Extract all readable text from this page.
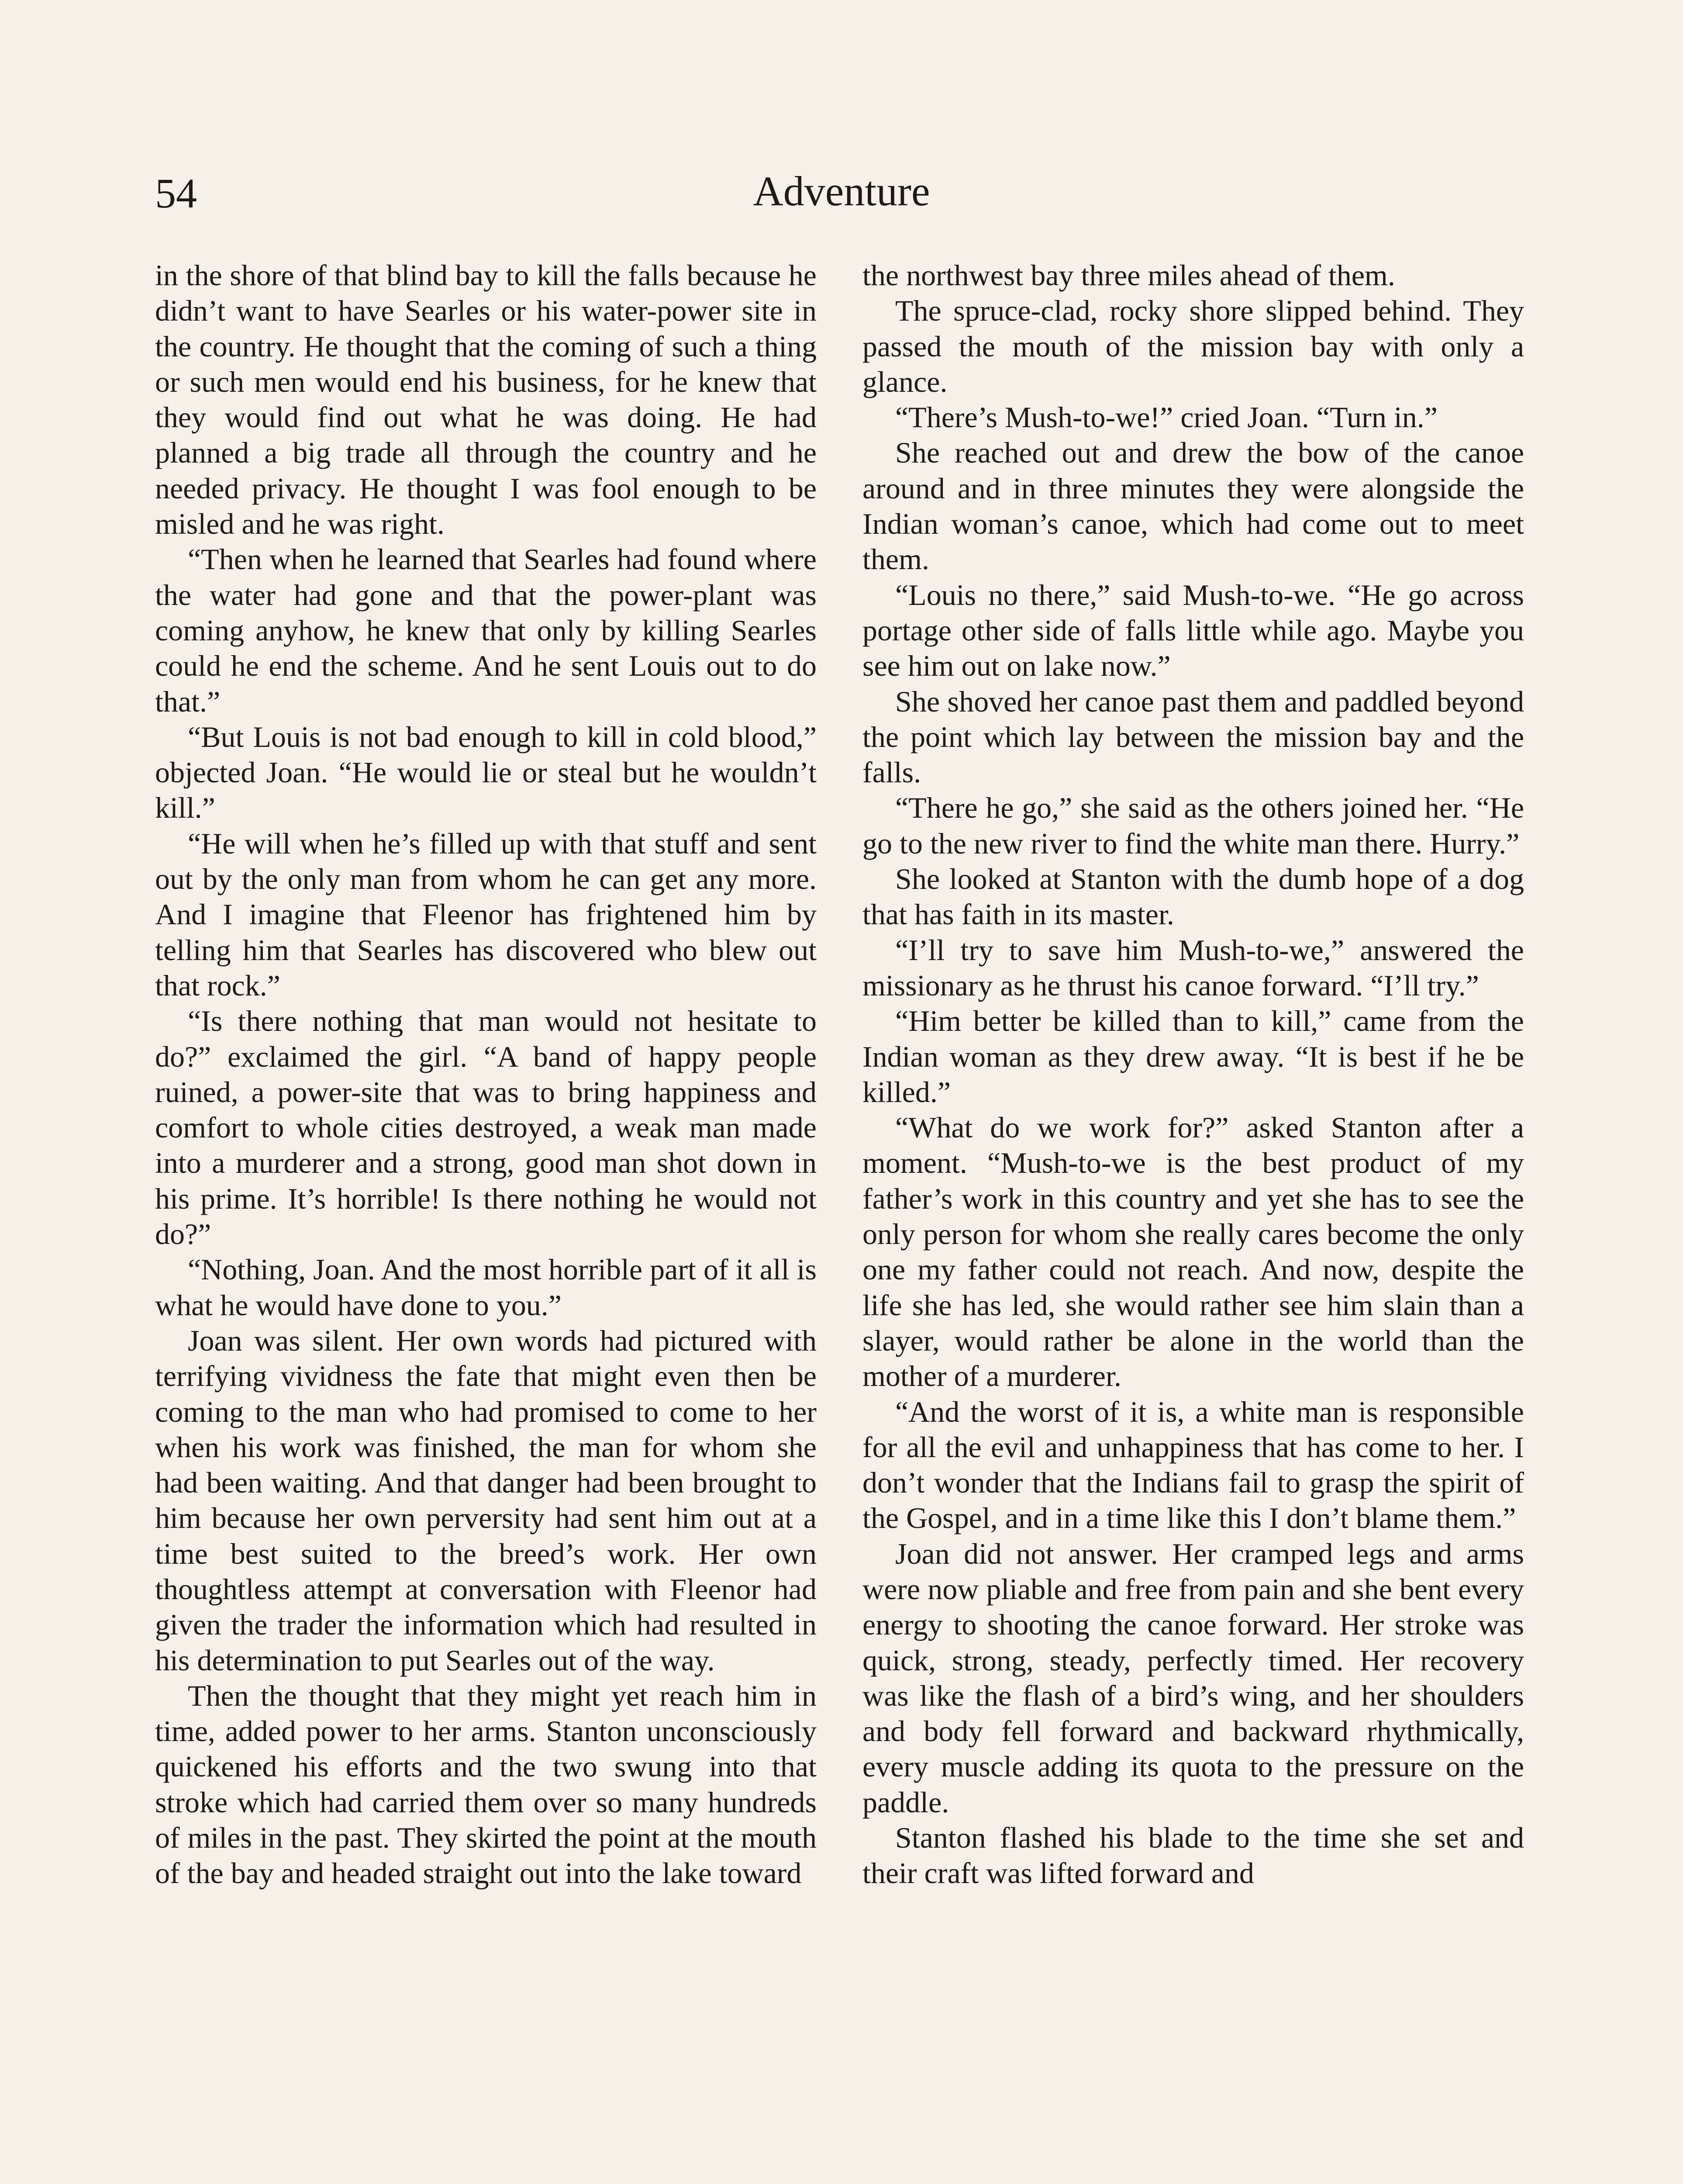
54	Adventure

in the shore of that blind bay to kill the falls because he didn’t want to have Searles or his water-power site in the country. He thought that the coming of such a thing or such men would end his business, for he knew that they would find out what he was doing. He had planned a big trade all through the country and he needed privacy. He thought I was fool enough to be misled and he was right.

“Then when he learned that Searles had found where the water had gone and that the power-plant was coming anyhow, he knew that only by killing Searles could he end the scheme. And he sent Louis out to do that.”

“But Louis is not bad enough to kill in cold blood,” objected Joan. “He would lie or steal but he wouldn’t kill.”

“He will when he’s filled up with that stuff and sent out by the only man from whom he can get any more. And I imagine that Fleenor has frightened him by telling him that Searles has discovered who blew out that rock.”

“Is there nothing that man would not hesitate to do?” exclaimed the girl. “A band of happy people ruined, a power-site that was to bring happiness and comfort to whole cities destroyed, a weak man made into a murderer and a strong, good man shot down in his prime. It’s horrible! Is there nothing he would not do?”

“Nothing, Joan. And the most horrible part of it all is what he would have done to you.”

Joan was silent. Her own words had pictured with terrifying vividness the fate that might even then be coming to the man who had promised to come to her when his work was finished, the man for whom she had been waiting. And that danger had been brought to him because her own perversity had sent him out at a time best suited to the breed’s work. Her own thoughtless attempt at conversation with Fleenor had given the trader the information which had resulted in his determination to put Searles out of the way.

Then the thought that they might yet reach him in time, added power to her arms. Stanton unconsciously quickened his efforts and the two swung into that stroke which had carried them over so many hundreds of miles in the past. They skirted the point at the mouth of the bay and headed straight out into the lake toward

the northwest bay three miles ahead of them.

The spruce-clad, rocky shore slipped behind. They passed the mouth of the mission bay with only a glance.

“There’s Mush-to-we!” cried Joan. “Turn in.”

She reached out and drew the bow of the canoe around and in three minutes they were alongside the Indian woman’s canoe, which had come out to meet them.

“Louis no there,” said Mush-to-we. “He go across portage other side of falls little while ago. Maybe you see him out on lake now.”

She shoved her canoe past them and paddled beyond the point which lay between the mission bay and the falls.

“There he go,” she said as the others joined her. “He go to the new river to find the white man there. Hurry.”

She looked at Stanton with the dumb hope of a dog that has faith in its master.

“I’ll try to save him Mush-to-we,” answered the missionary as he thrust his canoe forward. “I’ll try.”

“Him better be killed than to kill,” came from the Indian woman as they drew away. “It is best if he be killed.”

“What do we work for?” asked Stanton after a moment. “Mush-to-we is the best product of my father’s work in this country and yet she has to see the only person for whom she really cares become the only one my father could not reach. And now, despite the life she has led, she would rather see him slain than a slayer, would rather be alone in the world than the mother of a murderer.

“And the worst of it is, a white man is responsible for all the evil and unhappiness that has come to her. I don’t wonder that the Indians fail to grasp the spirit of the Gospel, and in a time like this I don’t blame them.”

Joan did not answer. Her cramped legs and arms were now pliable and free from pain and she bent every energy to shooting the canoe forward. Her stroke was quick, strong, steady, perfectly timed. Her recovery was like the flash of a bird’s wing, and her shoulders and body fell forward and backward rhythmically, every muscle adding its quota to the pressure on the paddle.

Stanton flashed his blade to the time she set and their craft was lifted forward and
